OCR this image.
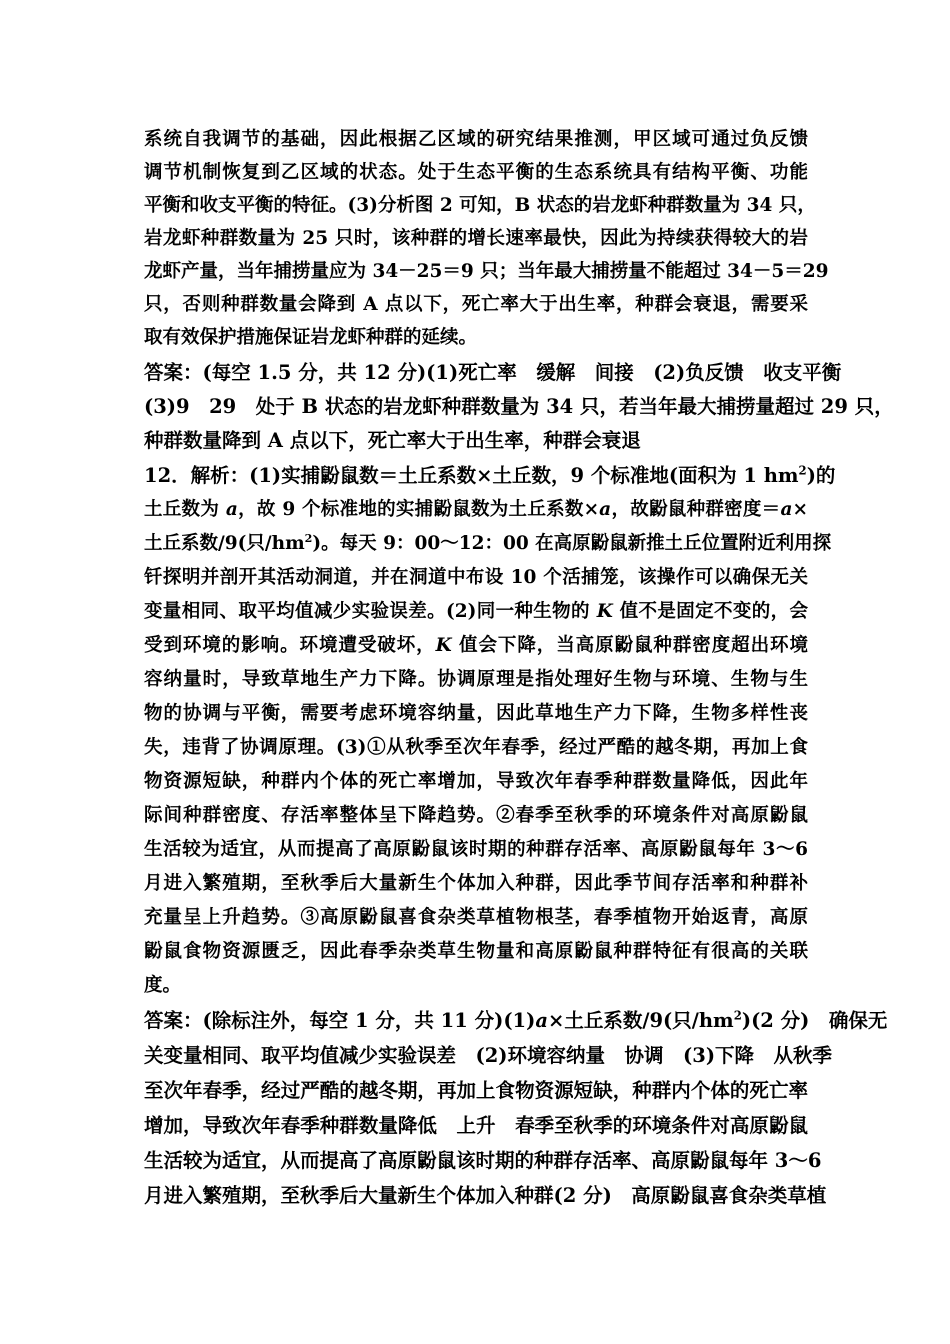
系统自我调节的基础，因此根据乙区域的研究结果推测，甲区域可通过负反馈
调节机制恢复到乙区域的状态。处于生态平衡的生态系统具有结构平衡、功能
平衡和收支平衡的特征。(3)分析图 2 可知，B 状态的岩龙虾种群数量为 34 只，
岩龙虾种群数量为 25 只时，该种群的增长速率最快，因此为持续获得较大的岩
龙虾产量，当年捕捞量应为 34－25＝9 只；当年最大捕捞量不能超过 34－5＝29
只，否则种群数量会降到 A 点以下，死亡率大于出生率，种群会衰退，需要采
取有效保护措施保证岩龙虾种群的延续。
答案：(每空 1.5 分，共 12 分)(1)死亡率　缓解　间接　(2)负反馈　收支平衡
(3)9　29　处于 B 状态的岩龙虾种群数量为 34 只，若当年最大捕捞量超过 29 只，
种群数量降到 A 点以下，死亡率大于出生率，种群会衰退
12．解析：(1)实捕鼢鼠数＝土丘系数×土丘数，9 个标准地(面积为 1 $hm^2$)的
土丘数为 a，故 9 个标准地的实捕鼢鼠数为土丘系数×a，故鼢鼠种群密度＝a×
土丘系数/9(只$/hm^2$)。每天 9：00～12：00 在高原鼢鼠新推土丘位置附近利用探
钎探明并剖开其活动洞道，并在洞道中布设 10 个活捕笼，该操作可以确保无关
变量相同、取平均值减少实验误差。(2)同一种生物的 K 值不是固定不变的，会
受到环境的影响。环境遭受破坏，K 值会下降，当高原鼢鼠种群密度超出环境
容纳量时，导致草地生产力下降。协调原理是指处理好生物与环境、生物与生
物的协调与平衡，需要考虑环境容纳量，因此草地生产力下降，生物多样性丧
失，违背了协调原理。(3)①从秋季至次年春季，经过严酷的越冬期，再加上食
物资源短缺，种群内个体的死亡率增加，导致次年春季种群数量降低，因此年
际间种群密度、存活率整体呈下降趋势。②春季至秋季的环境条件对高原鼢鼠
生活较为适宜，从而提高了高原鼢鼠该时期的种群存活率、高原鼢鼠每年 3～6
月进入繁殖期，至秋季后大量新生个体加入种群，因此季节间存活率和种群补
充量呈上升趋势。③高原鼢鼠喜食杂类草植物根茎，春季植物开始返青，高原
鼢鼠食物资源匮乏，因此春季杂类草生物量和高原鼢鼠种群特征有很高的关联
度。
答案：(除标注外，每空 1 分，共 11 分)(1)a×土丘系数/9(只$/hm^2)(2$ 分)　确保无
关变量相同、取平均值减少实验误差　(2)环境容纳量　协调　(3)下降　从秋季
至次年春季，经过严酷的越冬期，再加上食物资源短缺，种群内个体的死亡率
增加，导致次年春季种群数量降低　上升　春季至秋季的环境条件对高原鼢鼠
生活较为适宜，从而提高了高原鼢鼠该时期的种群存活率、高原鼢鼠每年 3～6
月进入繁殖期，至秋季后大量新生个体加入种群(2 分)　高原鼢鼠喜食杂类草植
